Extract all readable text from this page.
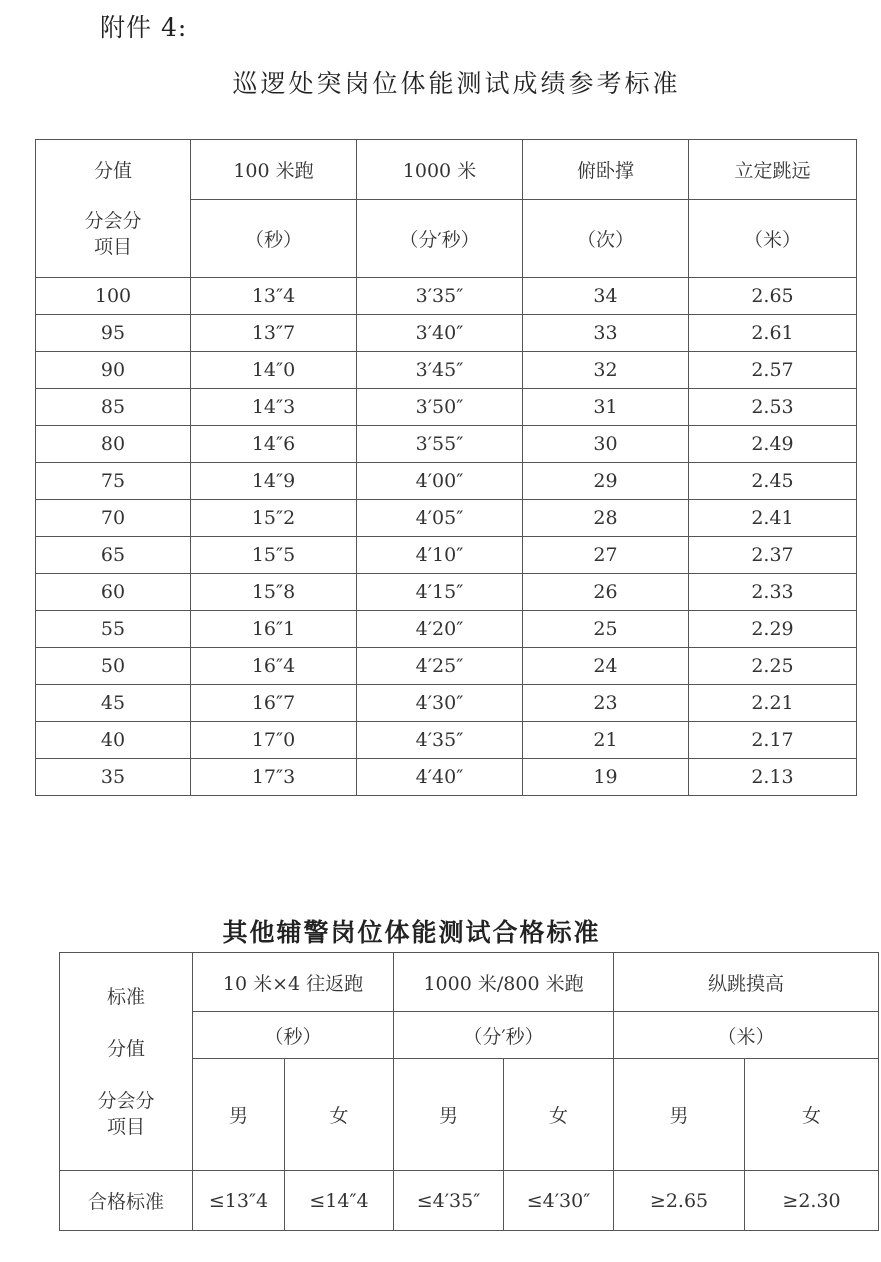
附件 4:
巡逻处突岗位体能测试成绩参考标准
分值
分会分
项目	100 米跑	1000 米	俯卧撑	立定跳远
	（秒）	（分′秒）	（次）	（米）
100	13″4	3′35″	34	2.65
95	13″7	3′40″	33	2.61
90	14″0	3′45″	32	2.57
85	14″3	3′50″	31	2.53
80	14″6	3′55″	30	2.49
75	14″9	4′00″	29	2.45
70	15″2	4′05″	28	2.41
65	15″5	4′10″	27	2.37
60	15″8	4′15″	26	2.33
55	16″1	4′20″	25	2.29
50	16″4	4′25″	24	2.25
45	16″7	4′30″	23	2.21
40	17″0	4′35″	21	2.17
35	17″3	4′40″	19	2.13
其他辅警岗位体能测试合格标准
标准
分值
分会分
项目	10 米×4 往返跑		1000 米/800 米跑		纵跳摸高	
	（秒）		（分′秒）		（米）	
	男	女	男	女	男	女
合格标准	≤13″4	≤14″4	≤4′35″	≤4′30″	≥2.65	≥2.30
